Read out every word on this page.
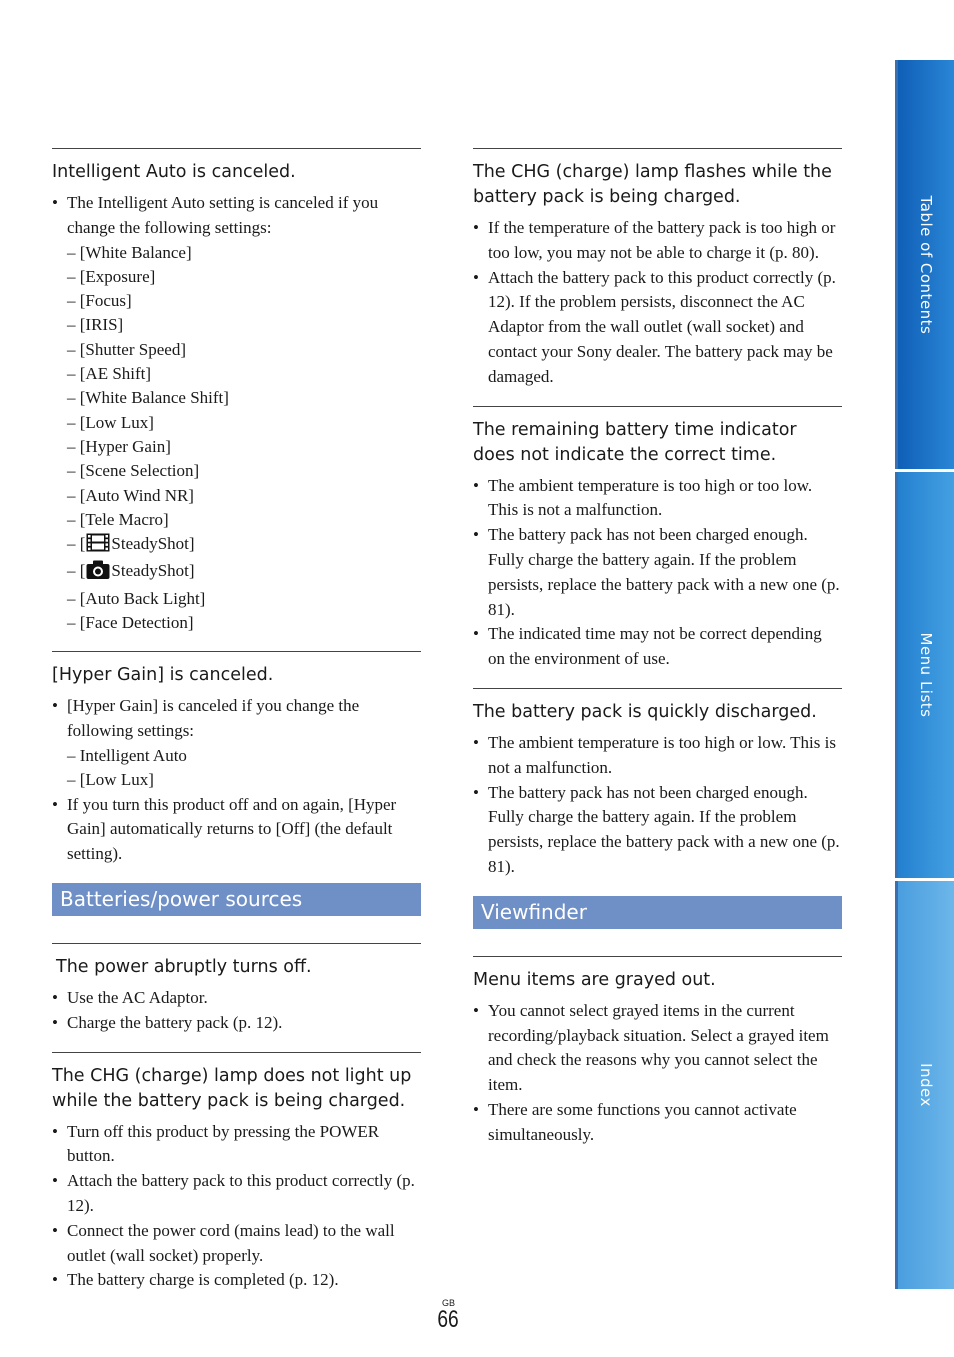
Intelligent Auto is canceled.
• The Intelligent Auto setting is canceled if you change the following settings:
– [White Balance]
– [Exposure]
– [Focus]
– [IRIS]
– [Shutter Speed]
– [AE Shift]
– [White Balance Shift]
– [Low Lux]
– [Hyper Gain]
– [Scene Selection]
– [Auto Wind NR]
– [Tele Macro]
– [ SteadyShot]
– [ SteadyShot]
– [Auto Back Light]
– [Face Detection]
[Hyper Gain] is canceled.
• [Hyper Gain] is canceled if you change the following settings:
– Intelligent Auto
– [Low Lux]
• If you turn this product off and on again, [Hyper Gain] automatically returns to [Off] (the default setting).
Batteries/power sources
The power abruptly turns off.
• Use the AC Adaptor.
• Charge the battery pack (p. 12).
The CHG (charge) lamp does not light up while the battery pack is being charged.
• Turn off this product by pressing the POWER button.
• Attach the battery pack to this product correctly (p. 12).
• Connect the power cord (mains lead) to the wall outlet (wall socket) properly.
• The battery charge is completed (p. 12).
The CHG (charge) lamp flashes while the battery pack is being charged.
• If the temperature of the battery pack is too high or too low, you may not be able to charge it (p. 80).
• Attach the battery pack to this product correctly (p. 12). If the problem persists, disconnect the AC Adaptor from the wall outlet (wall socket) and contact your Sony dealer. The battery pack may be damaged.
The remaining battery time indicator does not indicate the correct time.
• The ambient temperature is too high or too low. This is not a malfunction.
• The battery pack has not been charged enough. Fully charge the battery again. If the problem persists, replace the battery pack with a new one (p. 81).
• The indicated time may not be correct depending on the environment of use.
The battery pack is quickly discharged.
• The ambient temperature is too high or low. This is not a malfunction.
• The battery pack has not been charged enough. Fully charge the battery again. If the problem persists, replace the battery pack with a new one (p. 81).
Viewfinder
Menu items are grayed out.
• You cannot select grayed items in the current recording/playback situation. Select a grayed item and check the reasons why you cannot select the item.
• There are some functions you cannot activate simultaneously.
Table of Contents
Menu Lists
Index
GB
66
